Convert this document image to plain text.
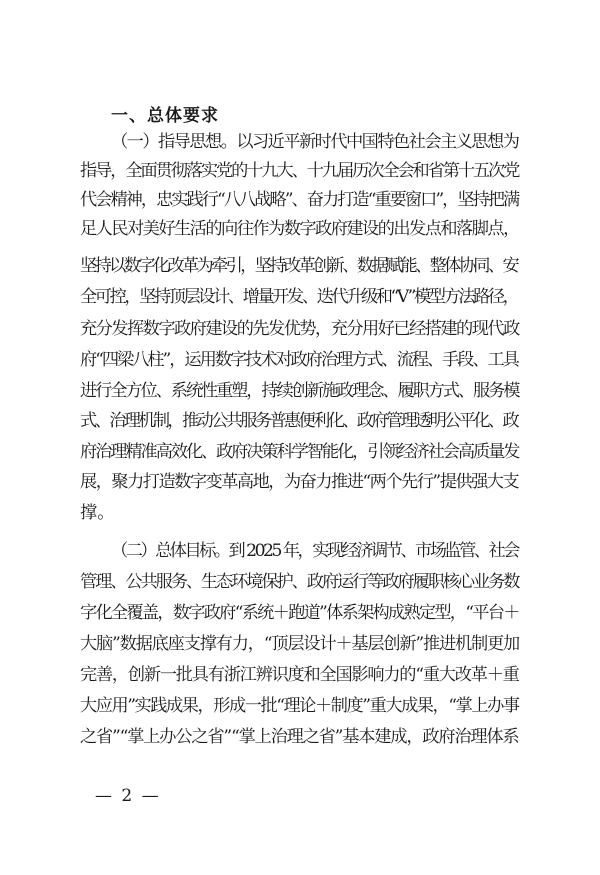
一、总体要求
（一）指导思想。以习近平新时代中国特色社会主义思想为
指导，全面贯彻落实党的十九大、十九届历次全会和省第十五次党
代会精神，忠实践行“八八战略”、奋力打造“重要窗口”，坚持把满
足人民对美好生活的向往作为数字政府建设的出发点和落脚点，
坚持以数字化改革为牵引，坚持改革创新、数据赋能、整体协同、安
全可控，坚持顶层设计、增量开发、迭代升级和“V”模型方法路径，
充分发挥数字政府建设的先发优势，充分用好已经搭建的现代政
府“四梁八柱”，运用数字技术对政府治理方式、流程、手段、工具
进行全方位、系统性重塑，持续创新施政理念、履职方式、服务模
式、治理机制，推动公共服务普惠便利化、政府管理透明公平化、政
府治理精准高效化、政府决策科学智能化，引领经济社会高质量发
展，聚力打造数字变革高地，为奋力推进“两个先行”提供强大支
撑。
（二）总体目标。到 2025 年，实现经济调节、市场监管、社会
管理、公共服务、生态环境保护、政府运行等政府履职核心业务数
字化全覆盖，数字政府“系统＋跑道”体系架构成熟定型，“平台＋
大脑”数据底座支撑有力，“顶层设计＋基层创新”推进机制更加
完善，创新一批具有浙江辨识度和全国影响力的“重大改革＋重
大应用”实践成果，形成一批“理论＋制度”重大成果，“掌上办事
之省”“掌上办公之省”“掌上治理之省”基本建成，政府治理体系
— 2 —
